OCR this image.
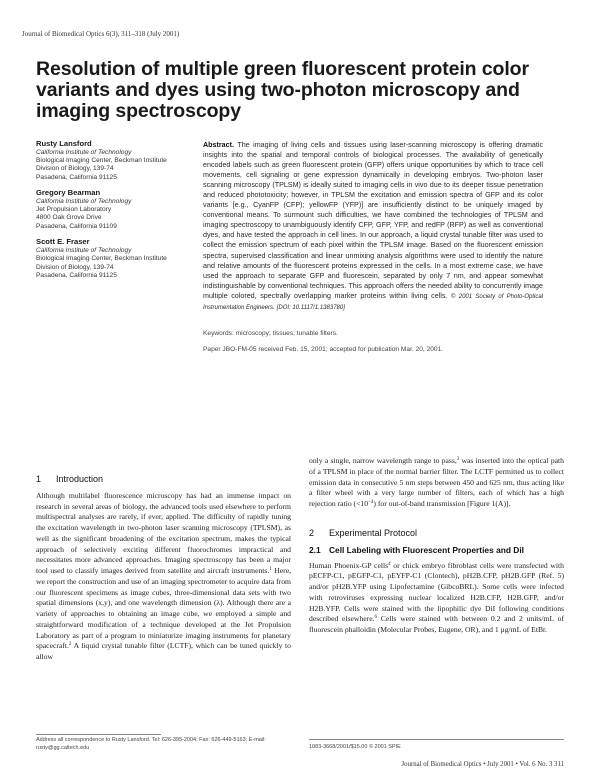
Journal of Biomedical Optics 6(3), 311–318 (July 2001)
Resolution of multiple green fluorescent protein color variants and dyes using two-photon microscopy and imaging spectroscopy
Rusty Lansford
California Institute of Technology
Biological Imaging Center, Beckman Institute
Division of Biology, 139-74
Pasadena, California 91125
Gregory Bearman
California Institute of Technology
Jet Propulsion Laboratory
4800 Oak Grove Drive
Pasadena, California 91109
Scott E. Fraser
California Institute of Technology
Biological Imaging Center, Beckman Institute
Division of Biology, 139-74
Pasadena, California 91125
Abstract. The imaging of living cells and tissues using laser-scanning microscopy is offering dramatic insights into the spatial and temporal controls of biological processes. The availability of genetically encoded labels such as green fluorescent protein (GFP) offers unique opportunities by which to trace cell movements, cell signaling or gene expression dynamically in developing embryos. Two-photon laser scanning microscopy (TPLSM) is ideally suited to imaging cells in vivo due to its deeper tissue penetration and reduced phototoxicity; however, in TPLSM the excitation and emission spectra of GFP and its color variants [e.g., CyanFP (CFP); yellowFP (YFP)] are insufficiently distinct to be uniquely imaged by conventional means. To surmount such difficulties, we have combined the technologies of TPLSM and imaging spectroscopy to unambiguously identify CFP, GFP, YFP, and redFP (RFP) as well as conventional dyes, and have tested the approach in cell lines. In our approach, a liquid crystal tunable filter was used to collect the emission spectrum of each pixel within the TPLSM image. Based on the fluorescent emission spectra, supervised classification and linear unmixing analysis algorithms were used to identify the nature and relative amounts of the fluorescent proteins expressed in the cells. In a most extreme case, we have used the approach to separate GFP and fluorescein, separated by only 7 nm, and appear somewhat indistinguishable by conventional techniques. This approach offers the needed ability to concurrently image multiple colored, spectrally overlapping marker proteins within living cells. © 2001 Society of Photo-Optical Instrumentation Engineers. [DOI: 10.1117/1.1383780]
Keywords: microscopy; tissues; tunable filters.
Paper JBO-FM-05 received Feb. 15, 2001; accepted for publication Mar. 20, 2001.
1 Introduction

Although multilabel fluorescence microscopy has had an immense impact on research in several areas of biology, the advanced tools used elsewhere to perform multispectral analyses are rarely, if ever, applied. The difficulty of rapidly tuning the excitation wavelength in two-photon laser scanning microscopy (TPLSM), as well as the significant broadening of the excitation spectrum, makes the typical approach of selectively exciting different fluorochromes impractical and necessitates more advanced approaches. Imaging spectroscopy has been a major tool used to classify images derived from satellite and aircraft instruments.$^1$ Here, we report the construction and use of an imaging spectrometer to acquire data from our fluorescent specimens as image cubes, three-dimensional data sets with two spatial dimensions (x,y), and one wavelength dimension (λ). Although there are a variety of approaches to obtaining an image cube, we employed a simple and straightforward modification of a technique developed at the Jet Propulsion Laboratory as part of a program to miniaturize imaging instruments for planetary spacecraft.$^2$ A liquid crystal tunable filter (LCTF), which can be tuned quickly to allow

only a single, narrow wavelength range to pass,$^3$ was inserted into the optical path of a TPLSM in place of the normal barrier filter. The LCTF permitted us to collect emission data in consecutive 5 nm steps between 450 and 625 nm, thus acting like a filter wheel with a very large number of filters, each of which has a high rejection ratio $(<10^{-4})$ for out-of-band transmission [Figure 1(A)].

2 Experimental Protocol
2.1 Cell Labeling with Fluorescent Properties and DiI

Human Phoenix-GP cells$^4$ or chick embryo fibroblast cells were transfected with pECFP-C1, pEGFP-C1, pEYFP-C1 (Clontech), pH2B.CFP, pH2B.GFP (Ref. 5) and/or pH2B.YFP using Lipofectamine (GibcoBRL). Some cells were infected with retroviruses expressing nuclear localized H2B.CFP, H2B.GFP, and/or H2B.YFP. Cells were stained with the lipophilic dye DiI following conditions described elsewhere.$^6$ Cells were stained with between 0.2 and 2 units/mL of fluorescein phalloidin (Molecular Probes, Eugene, OR), and 1 μg/mL of EtBr.

Address all correspondence to Rusty Lansford. Tel: 626-395-2004; Fax: 626-449-5163; E-mail: rusty@gg.caltech.edu	1083-3668/2001/$15.00 © 2001 SPIE
Journal of Biomedical Optics • July 2001 • Vol. 6 No. 3 311
